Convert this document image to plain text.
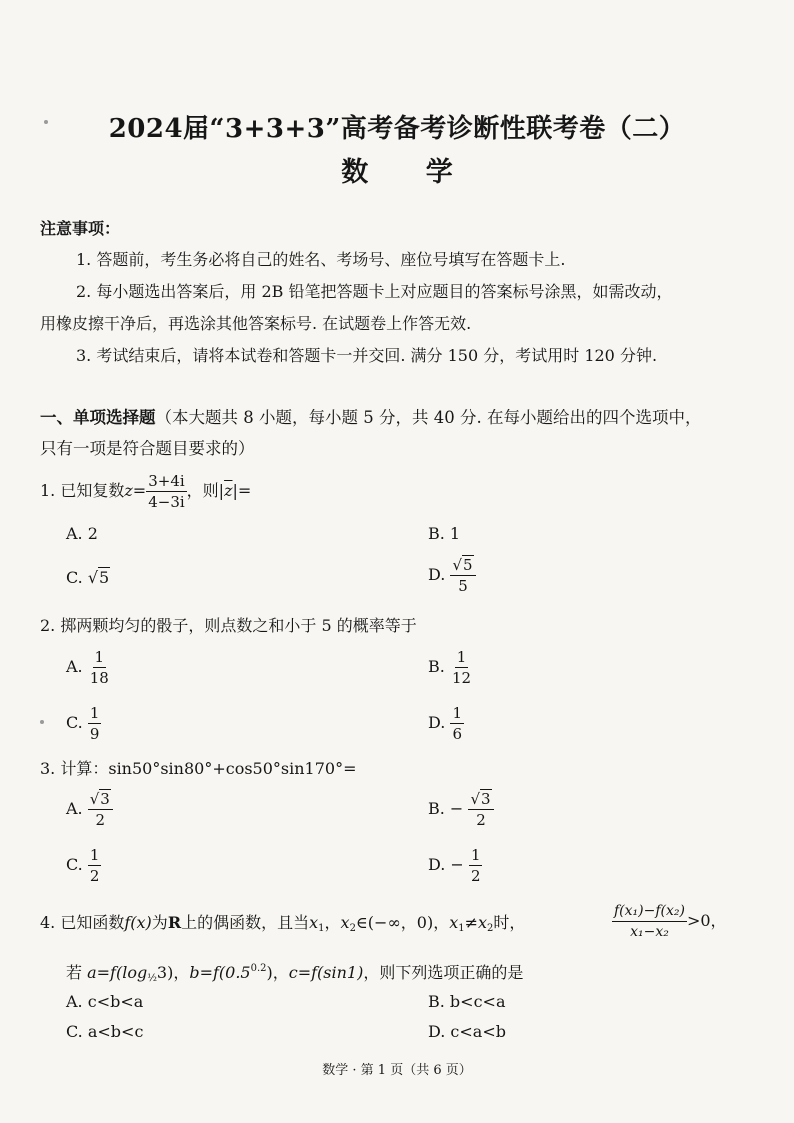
2024届“3+3+3”高考备考诊断性联考卷（二）
数 学
注意事项：
1. 答题前，考生务必将自己的姓名、考场号、座位号填写在答题卡上.
2. 每小题选出答案后，用 2B 铅笔把答题卡上对应题目的答案标号涂黑，如需改动，
用橡皮擦干净后，再选涂其他答案标号. 在试题卷上作答无效.
3. 考试结束后，请将本试卷和答题卡一并交回. 满分 150 分，考试用时 120 分钟.
一、单项选择题（本大题共 8 小题，每小题 5 分，共 40 分. 在每小题给出的四个选项中，
只有一项是符合题目要求的）
1. 已知复数$z= \frac{3+4i}{4-3i}$ ，则$|\overline{z}|=$
A. 2	B. 1
C. √5	D. $\frac{√5}{5}$
2. 掷两颗均匀的骰子，则点数之和小于 5 的概率等于
A. $\frac{1}{18}$	B. $\frac{1}{12}$
C. $\frac{1}{9}$	D. $\frac{1}{6}$
3. 计算：sin50°sin80°+cos50°sin170°=
A. $\frac{√3}{2}$	B. − $\frac{√3}{2}$
C. $\frac{1}{2}$	D. − $\frac{1}{2}$
4. 已知函数f(x)为R上的偶函数，且当$x_1$，$x_2\in(-\infty$，0)，$x_1\ne x_2$时，	$\frac{\text{f(x₁)−f(x₂)}}{\text{x₁−x₂}} >0$，
若 $a=f(\log_{\frac{1}{2}}3)$，$b=f(0.5^{0.2})$，c=f(sin1)，则下列选项正确的是
A. c<b<a	B. b<c<a
C. a<b<c	D. c<a<b
数学 · 第 1 页（共 6 页）
